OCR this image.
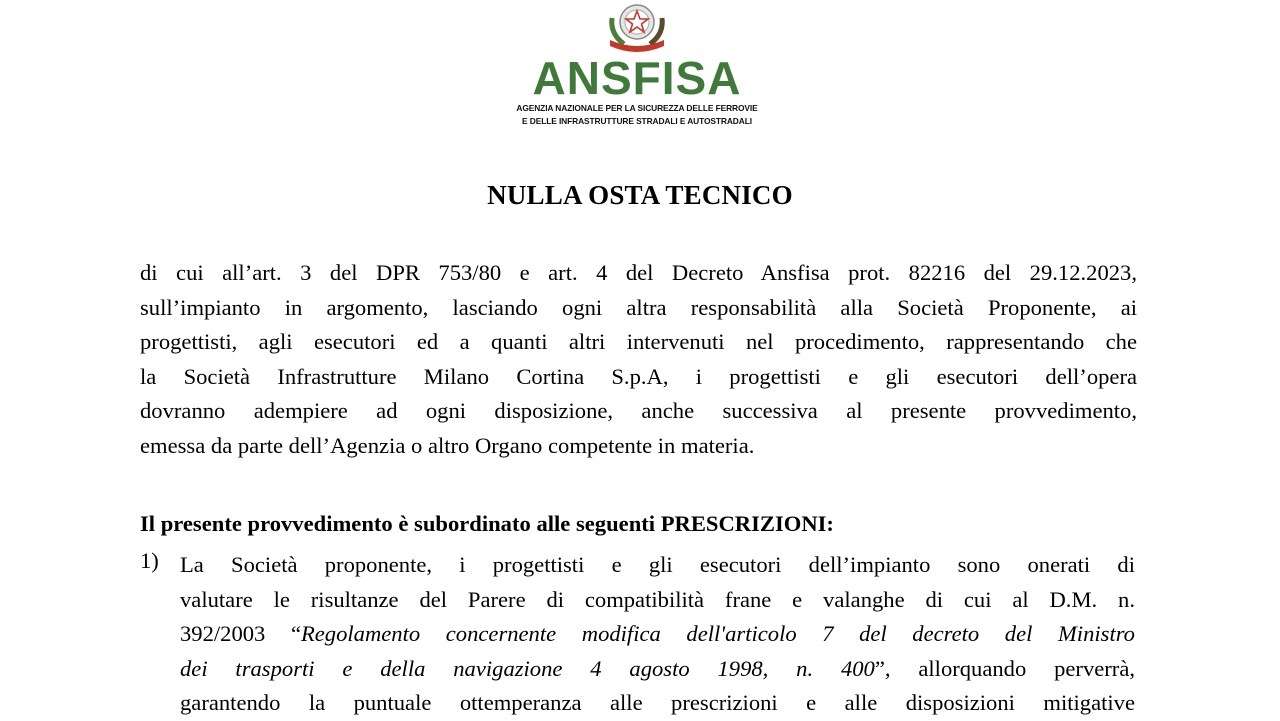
ANSFISA
AGENZIA NAZIONALE PER LA SICUREZZA DELLE FERROVIE
E DELLE INFRASTRUTTURE STRADALI E AUTOSTRADALI
NULLA OSTA TECNICO
di cui all’art. 3 del DPR 753/80 e art. 4 del Decreto Ansfisa prot. 82216 del 29.12.2023,
sull’impianto in argomento, lasciando ogni altra responsabilità alla Società Proponente, ai
progettisti, agli esecutori ed a quanti altri intervenuti nel procedimento, rappresentando che
la Società Infrastrutture Milano Cortina S.p.A, i progettisti e gli esecutori dell’opera
dovranno adempiere ad ogni disposizione, anche successiva al presente provvedimento,
emessa da parte dell’Agenzia o altro Organo competente in materia.
Il presente provvedimento è subordinato alle seguenti PRESCRIZIONI:
1) La Società proponente, i progettisti e gli esecutori dell’impianto sono onerati di
valutare le risultanze del Parere di compatibilità frane e valanghe di cui al D.M. n.
392/2003 “Regolamento concernente modifica dell'articolo 7 del decreto del Ministro
dei trasporti e della navigazione 4 agosto 1998, n. 400”, allorquando perverrà,
garantendo la puntuale ottemperanza alle prescrizioni e alle disposizioni mitigative
